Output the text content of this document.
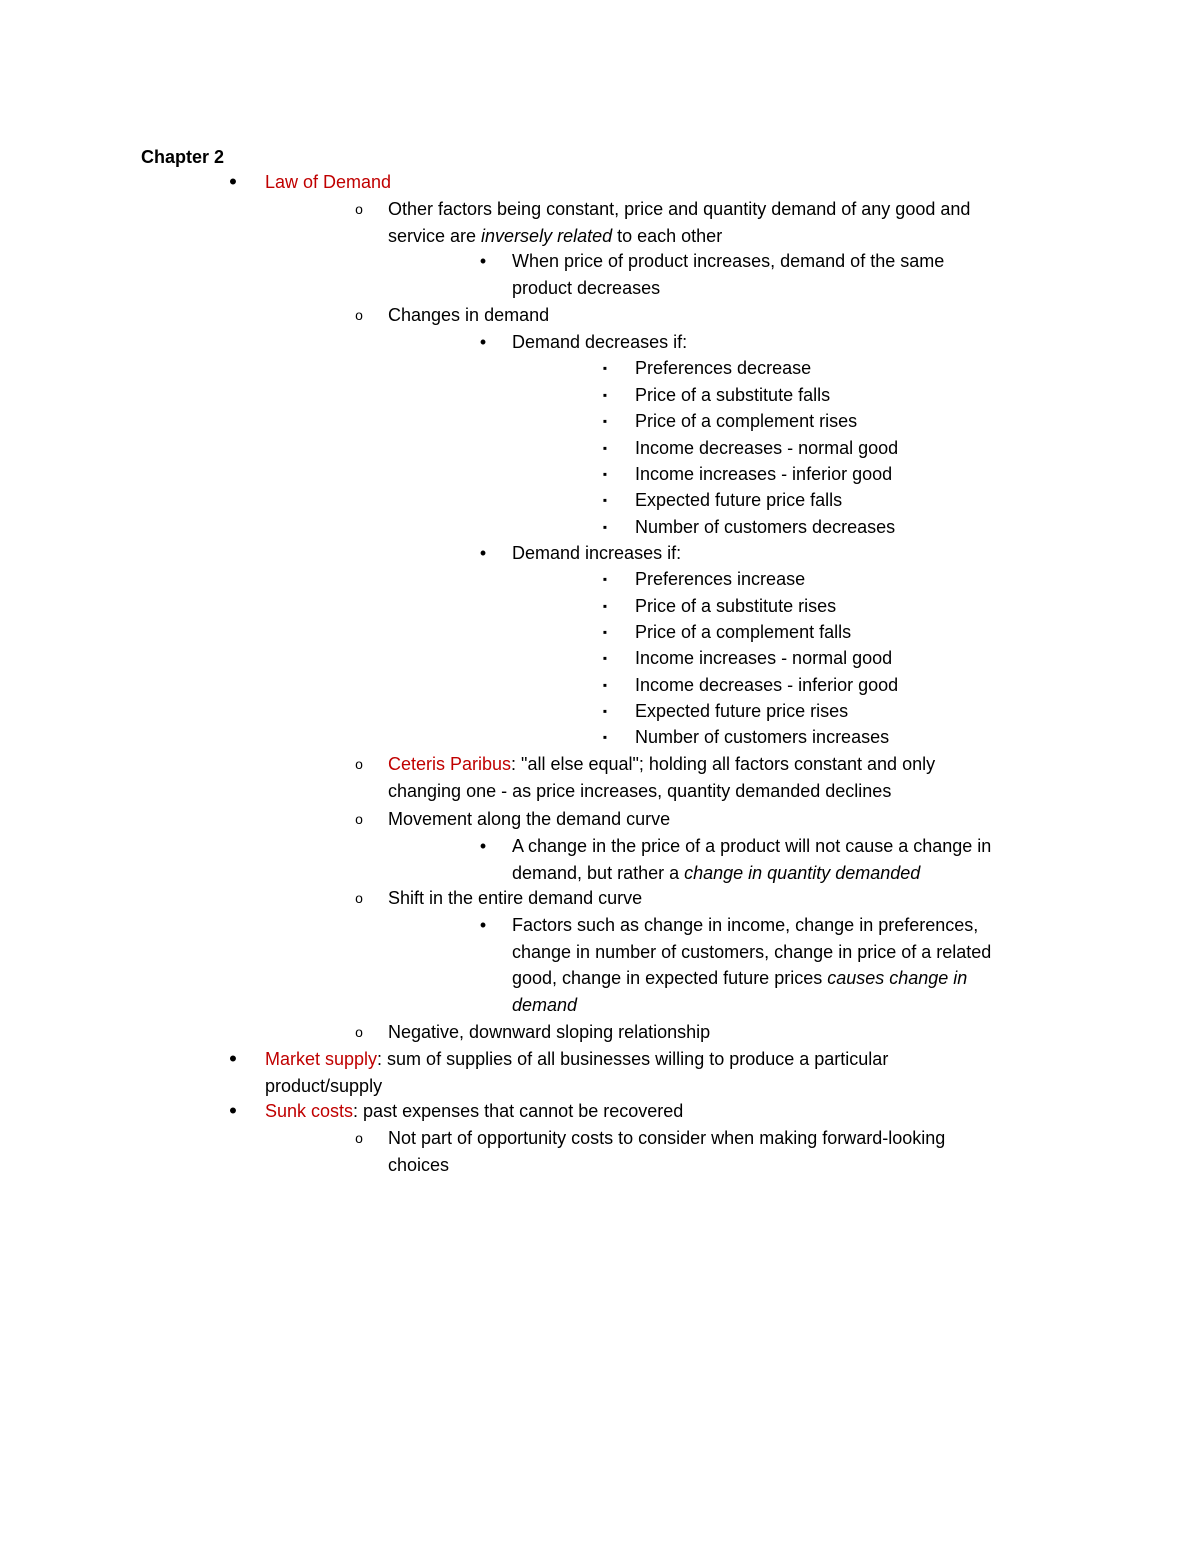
Chapter 2
• Law of Demand
o Other factors being constant, price and quantity demand of any good and
service are inversely related to each other
• When price of product increases, demand of the same
product decreases
o Changes in demand
• Demand decreases if:
▪ Preferences decrease
▪ Price of a substitute falls
▪ Price of a complement rises
▪ Income decreases - normal good
▪ Income increases - inferior good
▪ Expected future price falls
▪ Number of customers decreases
• Demand increases if:
▪ Preferences increase
▪ Price of a substitute rises
▪ Price of a complement falls
▪ Income increases - normal good
▪ Income decreases - inferior good
▪ Expected future price rises
▪ Number of customers increases
o Ceteris Paribus: "all else equal"; holding all factors constant and only
changing one - as price increases, quantity demanded declines
o Movement along the demand curve
• A change in the price of a product will not cause a change in
demand, but rather a change in quantity demanded
o Shift in the entire demand curve
• Factors such as change in income, change in preferences,
change in number of customers, change in price of a related
good, change in expected future prices causes change in
demand
o Negative, downward sloping relationship
• Market supply: sum of supplies of all businesses willing to produce a particular
product/supply
• Sunk costs: past expenses that cannot be recovered
o Not part of opportunity costs to consider when making forward-looking
choices
